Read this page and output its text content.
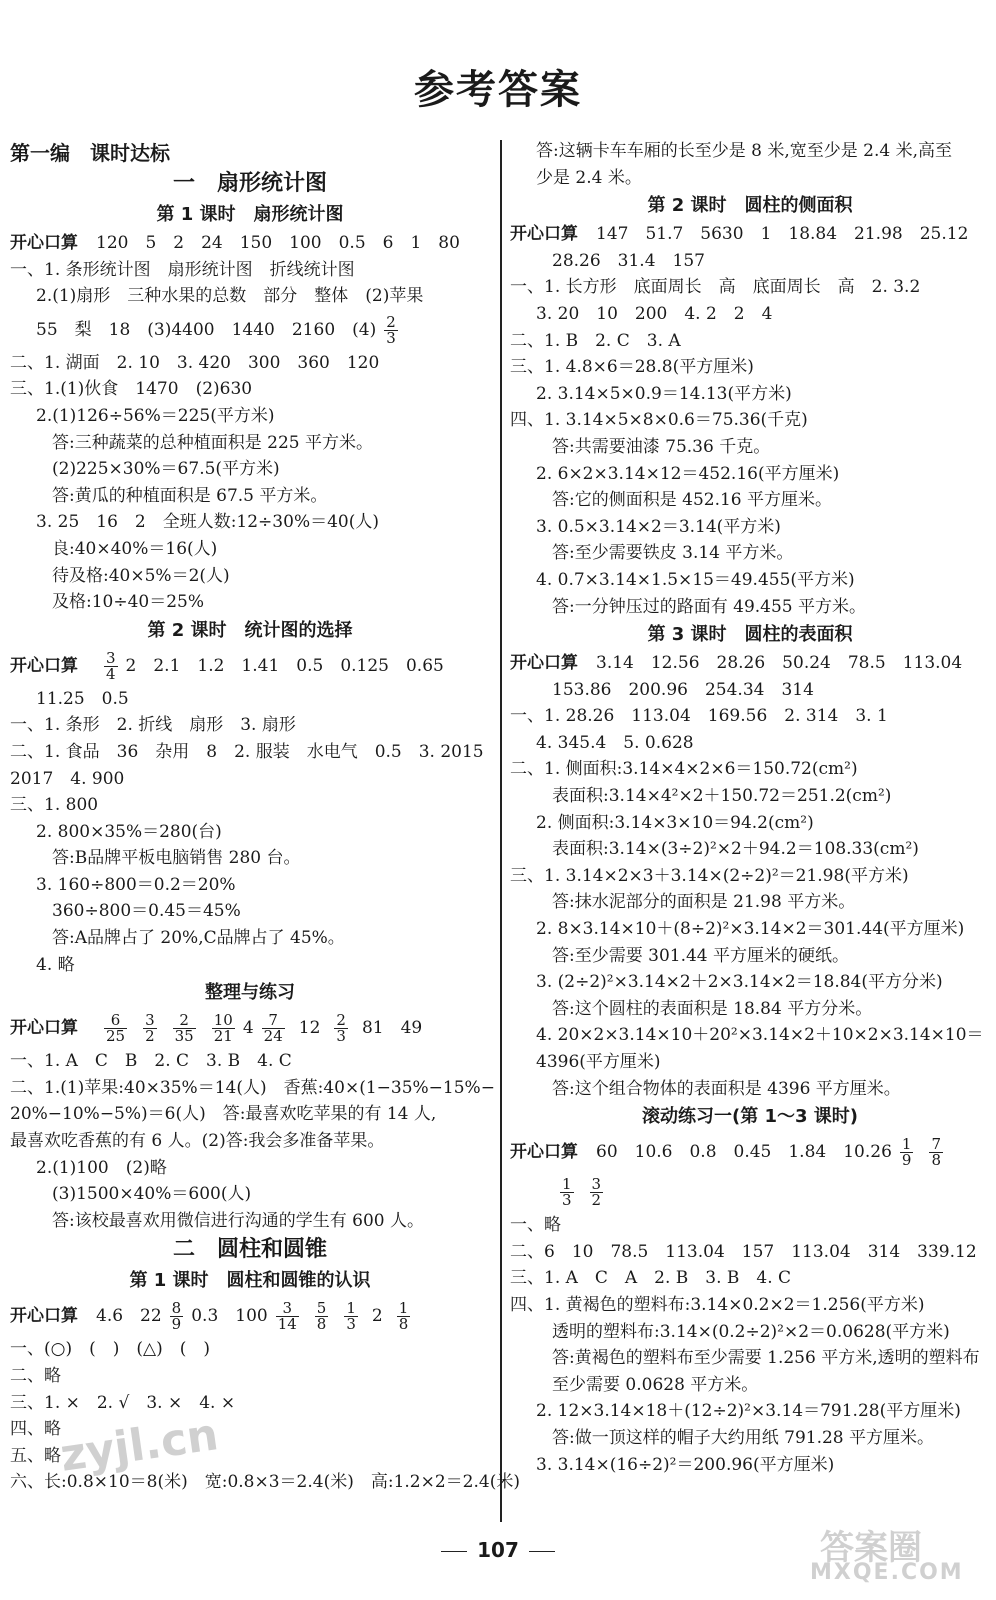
参考答案
第一编　课时达标
一　扇形统计图
第 1 课时　扇形统计图
开心口算 120　5　2　24　150　100　0.5　6　1　80
一、1. 条形统计图　扇形统计图　折线统计图
2.(1)扇形　三种水果的总数　部分　整体　(2)苹果
55　梨　18　(3)4400　1440　2160　$(4) \frac{2}{3}$
二、1. 湖面　2. 10　3. 420　300　360　120
三、1.(1)伙食　1470　(2)630
2.(1)126÷56%＝225(平方米)
答:三种蔬菜的总种植面积是 225 平方米。
(2)225×30%＝67.5(平方米)
答:黄瓜的种植面积是 67.5 平方米。
3. 25　16　2　全班人数:12÷30%＝40(人)
良:40×40%＝16(人)
待及格:40×5%＝2(人)
及格:10÷40＝25%
第 2 课时　统计图的选择
开心口算 $\frac{3}{4} 2$　2.1　1.2　1.41　0.5　0.125　0.65
11.25　0.5
一、1. 条形　2. 折线　扇形　3. 扇形
二、1. 食品　36　杂用　8　2. 服装　水电气　0.5　3. 2015
2017　4. 900
三、1. 800
2. 800×35%＝280(台)
答:B品牌平板电脑销售 280 台。
3. 160÷800＝0.2＝20%
360÷800＝0.45＝45%
答:A品牌占了 20%,C品牌占了 45%。
4. 略
整理与练习
开心口算 $\frac{6}{25} \frac{3}{2} \frac{2}{35} \frac{10}{21} 4 \frac{7}{24} 12 \frac{2}{3} 81$　49
一、1. A　C　B　2. C　3. B　4. C
二、1.(1)苹果:40×35%＝14(人)　香蕉:40×(1−35%−15%−
20%−10%−5%)＝6(人)　答:最喜欢吃苹果的有 14 人,
最喜欢吃香蕉的有 6 人。(2)答:我会多准备苹果。
2.(1)100　(2)略
(3)1500×40%＝600(人)
答:该校最喜欢用微信进行沟通的学生有 600 人。
二　圆柱和圆锥
第 1 课时　圆柱和圆锥的认识
开心口算 4.6　$22 \frac{8}{9} 0.3$　$100 \frac{3}{14} \frac{5}{8} \frac{1}{3} 2 \frac{1}{8}$
一、(○)　(　)　(△)　(　)
二、略
三、1. ×　2. √　3. ×　4. ×
四、略
五、略
六、长:0.8×10＝8(米)　宽:0.8×3＝2.4(米)　高:1.2×2＝2.4(米)
答:这辆卡车车厢的长至少是 8 米,宽至少是 2.4 米,高至
少是 2.4 米。
第 2 课时　圆柱的侧面积
开心口算 147　51.7　5630　1　18.84　21.98　25.12
28.26　31.4　157
一、1. 长方形　底面周长　高　底面周长　高　2. 3.2
3. 20　10　200　4. 2　2　4
二、1. B　2. C　3. A
三、1. 4.8×6＝28.8(平方厘米)
2. 3.14×5×0.9＝14.13(平方米)
四、1. 3.14×5×8×0.6＝75.36(千克)
答:共需要油漆 75.36 千克。
2. 6×2×3.14×12＝452.16(平方厘米)
答:它的侧面积是 452.16 平方厘米。
3. 0.5×3.14×2＝3.14(平方米)
答:至少需要铁皮 3.14 平方米。
4. 0.7×3.14×1.5×15＝49.455(平方米)
答:一分钟压过的路面有 49.455 平方米。
第 3 课时　圆柱的表面积
开心口算 3.14　12.56　28.26　50.24　78.5　113.04
153.86　200.96　254.34　314
一、1. 28.26　113.04　169.56　2. 314　3. 1
4. 345.4　5. 0.628
二、1. 侧面积:3.14×4×2×6＝150.72(cm²)
表面积:3.14×4²×2＋150.72＝251.2(cm²)
2. 侧面积:3.14×3×10＝94.2(cm²)
表面积:3.14×(3÷2)²×2＋94.2＝108.33(cm²)
三、1. 3.14×2×3＋3.14×(2÷2)²＝21.98(平方米)
答:抹水泥部分的面积是 21.98 平方米。
2. 8×3.14×10＋(8÷2)²×3.14×2＝301.44(平方厘米)
答:至少需要 301.44 平方厘米的硬纸。
3. (2÷2)²×3.14×2＋2×3.14×2＝18.84(平方分米)
答:这个圆柱的表面积是 18.84 平方分米。
4. 20×2×3.14×10＋20²×3.14×2＋10×2×3.14×10＝
4396(平方厘米)
答:这个组合物体的表面积是 4396 平方厘米。
滚动练习一(第 1～3 课时)
开心口算 60　10.6　0.8　0.45　1.84　$10.26 \frac{1}{9} \frac{7}{8}$
$\frac{1}{3} \frac{3}{2}$
一、略
二、6　10　78.5　113.04　157　113.04　314　339.12
三、1. A　C　A　2. B　3. B　4. C
四、1. 黄褐色的塑料布:3.14×0.2×2＝1.256(平方米)
透明的塑料布:3.14×(0.2÷2)²×2＝0.0628(平方米)
答:黄褐色的塑料布至少需要 1.256 平方米,透明的塑料布
至少需要 0.0628 平方米。
2. 12×3.14×18＋(12÷2)²×3.14＝791.28(平方厘米)
答:做一顶这样的帽子大约用纸 791.28 平方厘米。
3. 3.14×(16÷2)²＝200.96(平方厘米)
107
zyjl.cn
答案圈
MXQE.COM
